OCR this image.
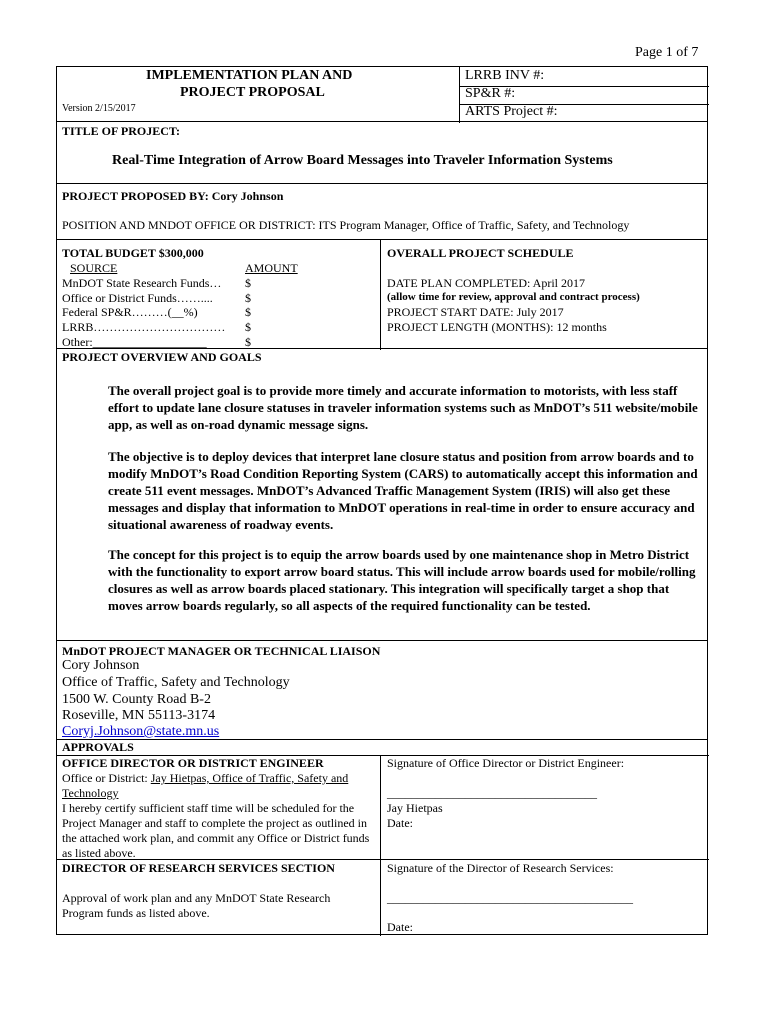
Page 1 of 7
IMPLEMENTATION PLAN AND
PROJECT PROPOSAL
Version 2/15/2017
LRRB INV #:
SP&R #:
ARTS Project #:
TITLE OF PROJECT:
Real-Time Integration of Arrow Board Messages into Traveler Information Systems
PROJECT PROPOSED BY: Cory Johnson
POSITION AND MNDOT OFFICE OR DISTRICT: ITS Program Manager, Office of Traffic, Safety, and Technology
TOTAL BUDGET $300,000
SOURCE	AMOUNT
MnDOT State Research Funds… $
Office or District Funds……....	$
Federal SP&R………(__%)	$
LRRB…………………………… $
Other:___________________	$
OVERALL PROJECT SCHEDULE
DATE PLAN COMPLETED: April 2017
(allow time for review, approval and contract process)
PROJECT START DATE: July 2017
PROJECT LENGTH (MONTHS): 12 months
PROJECT OVERVIEW AND GOALS

The overall project goal is to provide more timely and accurate information to motorists, with less staff effort to update lane closure statuses in traveler information systems such as MnDOT’s 511 website/mobile app, as well as on-road dynamic message signs.

The objective is to deploy devices that interpret lane closure status and position from arrow boards and to modify MnDOT’s Road Condition Reporting System (CARS) to automatically accept this information and create 511 event messages. MnDOT’s Advanced Traffic Management System (IRIS) will also get these messages and display that information to MnDOT operations in real-time in order to ensure accuracy and situational awareness of roadway events.

The concept for this project is to equip the arrow boards used by one maintenance shop in Metro District with the functionality to export arrow board status. This will include arrow boards used for mobile/rolling closures as well as arrow boards placed stationary. This integration will specifically target a shop that moves arrow boards regularly, so all aspects of the required functionality can be tested.

MnDOT PROJECT MANAGER OR TECHNICAL LIAISON
Cory Johnson
Office of Traffic, Safety and Technology
1500 W. County Road B-2
Roseville, MN 55113-3174
Coryj.Johnson@state.mn.us
APPROVALS
OFFICE DIRECTOR OR DISTRICT ENGINEER
Office or District: Jay Hietpas, Office of Traffic, Safety and Technology
I hereby certify sufficient staff time will be scheduled for the Project Manager and staff to complete the project as outlined in the attached work plan, and commit any Office or District funds as listed above.
Signature of Office Director or District Engineer:
___________________________________
Jay Hietpas
Date:
DIRECTOR OF RESEARCH SERVICES SECTION
Approval of work plan and any MnDOT State Research Program funds as listed above.
Signature of the Director of Research Services:
_________________________________________
Date:
